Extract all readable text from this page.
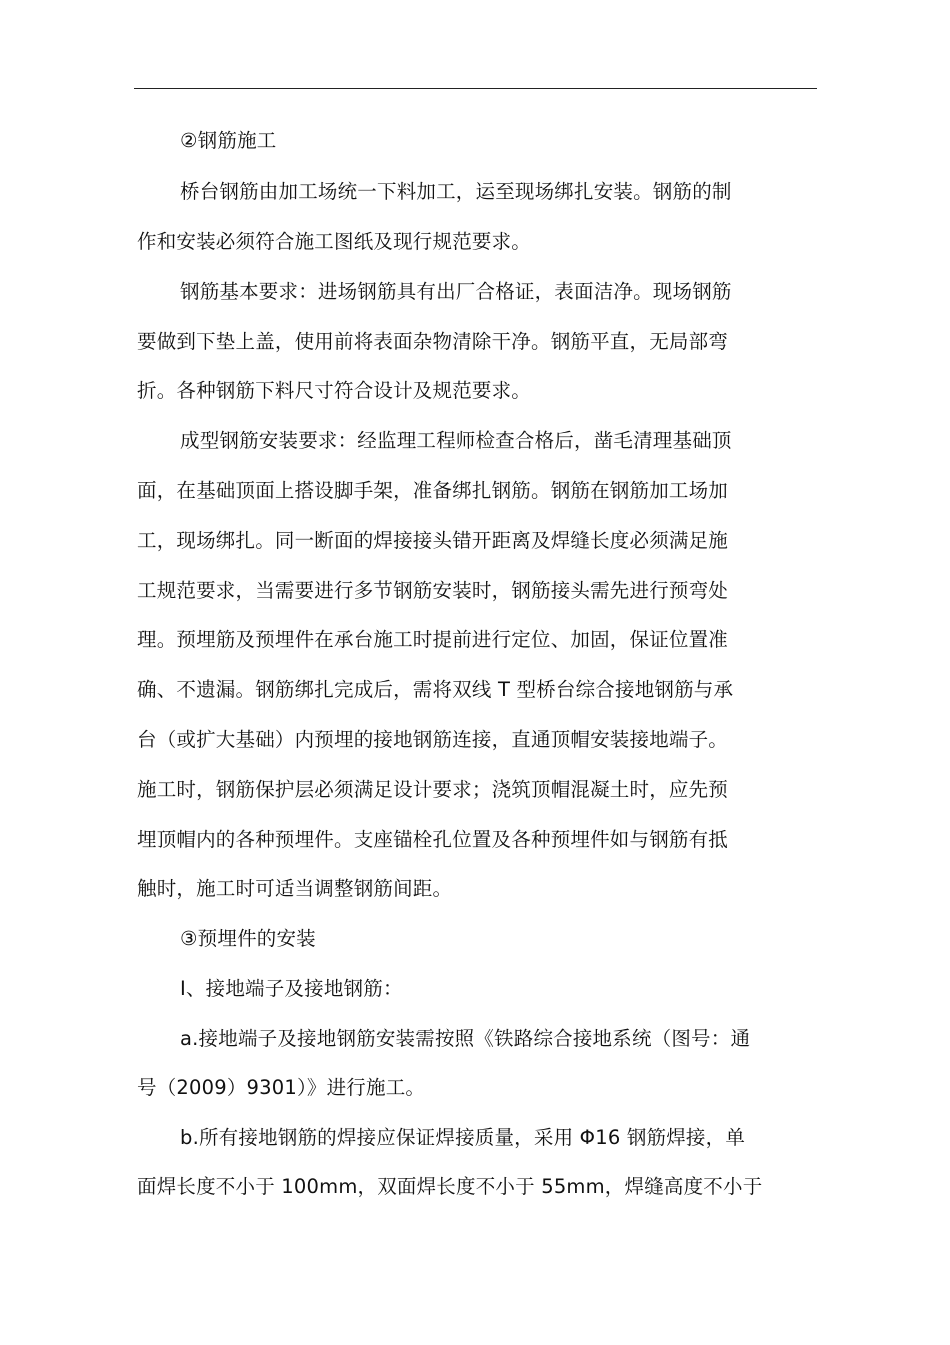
②钢筋施工
桥台钢筋由加工场统一下料加工，运至现场绑扎安装。钢筋的制
作和安装必须符合施工图纸及现行规范要求。
钢筋基本要求：进场钢筋具有出厂合格证，表面洁净。现场钢筋
要做到下垫上盖，使用前将表面杂物清除干净。钢筋平直，无局部弯
折。各种钢筋下料尺寸符合设计及规范要求。
成型钢筋安装要求：经监理工程师检查合格后，凿毛清理基础顶
面，在基础顶面上搭设脚手架，准备绑扎钢筋。钢筋在钢筋加工场加
工，现场绑扎。同一断面的焊接接头错开距离及焊缝长度必须满足施
工规范要求，当需要进行多节钢筋安装时，钢筋接头需先进行预弯处
理。预埋筋及预埋件在承台施工时提前进行定位、加固，保证位置准
确、不遗漏。钢筋绑扎完成后，需将双线 T 型桥台综合接地钢筋与承
台（或扩大基础）内预埋的接地钢筋连接，直通顶帽安装接地端子。
施工时，钢筋保护层必须满足设计要求；浇筑顶帽混凝土时，应先预
埋顶帽内的各种预埋件。支座锚栓孔位置及各种预埋件如与钢筋有抵
触时，施工时可适当调整钢筋间距。
③预埋件的安装
Ⅰ、接地端子及接地钢筋：
a.接地端子及接地钢筋安装需按照《铁路综合接地系统（图号：通
号（2009）9301）》进行施工。
b.所有接地钢筋的焊接应保证焊接质量，采用 Φ16 钢筋焊接，单
面焊长度不小于 100mm，双面焊长度不小于 55mm，焊缝高度不小于
